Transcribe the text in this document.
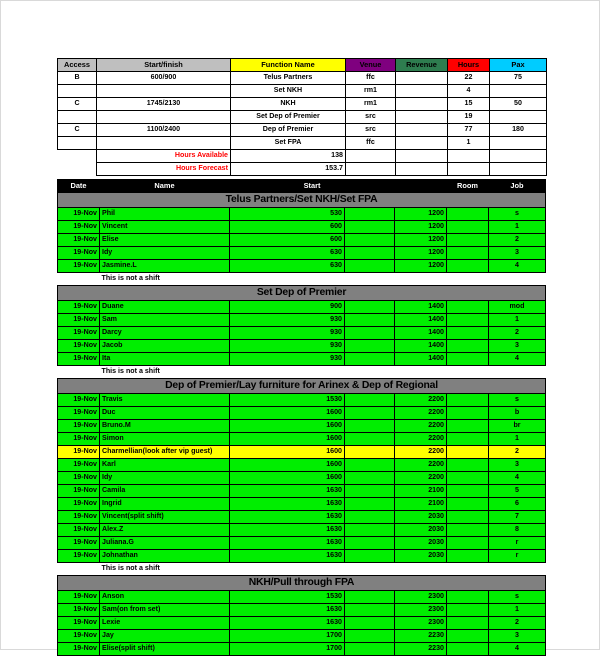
Access	Start/finish	Function Name	Venue	Revenue	Hours	Pax
B	600/900	Telus Partners	ffc		22	75
		Set NKH	rm1		4	
C	1745/2130	NKH	rm1		15	50
		Set Dep of Premier	src		19	
C	1100/2400	Dep of Premier	src		77	180
		Set FPA	ffc		1	
	Hours Available	138				
	Hours Forecast	153.7				
Date	Name	Start			Room	Job
Telus Partners/Set NKH/Set FPA						
19-Nov	Phil	530		1200		s
19-Nov	Vincent	600		1200		1
19-Nov	Elise	600		1200		2
19-Nov	Idy	630		1200		3
19-Nov	Jasmine.L	630		1200		4
	This is not a shift					
Set Dep of Premier						
19-Nov	Duane	900		1400		mod
19-Nov	Sam	930		1400		1
19-Nov	Darcy	930		1400		2
19-Nov	Jacob	930		1400		3
19-Nov	Ita	930		1400		4
	This is not a shift					
Dep of Premier/Lay furniture for Arinex & Dep of Regional						
19-Nov	Travis	1530		2200		s
19-Nov	Duc	1600		2200		b
19-Nov	Bruno.M	1600		2200		br
19-Nov	Simon	1600		2200		1
19-Nov	Charmellian(look after vip guest)	1600		2200		2
19-Nov	Karl	1600		2200		3
19-Nov	Idy	1600		2200		4
19-Nov	Camila	1630		2100		5
19-Nov	Ingrid	1630		2100		6
19-Nov	Vincent(split shift)	1630		2030		7
19-Nov	Alex.Z	1630		2030		8
19-Nov	Juliana.G	1630		2030		r
19-Nov	Johnathan	1630		2030		r
	This is not a shift					
NKH/Pull through FPA						
19-Nov	Anson	1530		2300		s
19-Nov	Sam(on from set)	1630		2300		1
19-Nov	Lexie	1630		2300		2
19-Nov	Jay	1700		2230		3
19-Nov	Elise(split shift)	1700		2230		4
